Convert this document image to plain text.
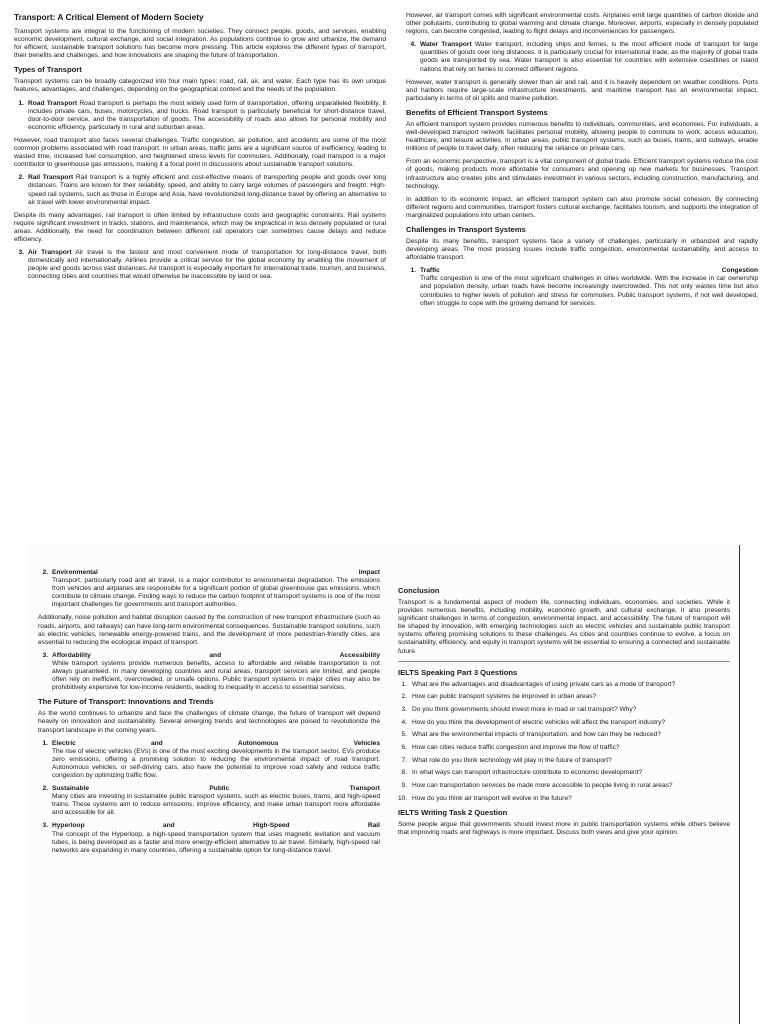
Transport: A Critical Element of Modern Society

Transport systems are integral to the functioning of modern societies. They connect people, goods, and services, enabling economic development, cultural exchange, and social integration. As populations continue to grow and urbanize, the demand for efficient, sustainable transport solutions has become more pressing. This article explores the different types of transport, their benefits and challenges, and how innovations are shaping the future of transportation.

Types of Transport

Transport systems can be broadly categorized into four main types: road, rail, air, and water. Each type has its own unique features, advantages, and challenges, depending on the geographical context and the needs of the population.

1. Road Transport Road transport is perhaps the most widely used form of transportation, offering unparalleled flexibility. It includes private cars, buses, motorcycles, and trucks. Road transport is particularly beneficial for short-distance travel, door-to-door service, and the transportation of goods. The accessibility of roads also allows for personal mobility and economic efficiency, particularly in rural and suburban areas.

However, road transport also faces several challenges. Traffic congestion, air pollution, and accidents are some of the most common problems associated with road transport. In urban areas, traffic jams are a significant source of inefficiency, leading to wasted time, increased fuel consumption, and heightened stress levels for commuters. Additionally, road transport is a major contributor to greenhouse gas emissions, making it a focal point in discussions about sustainable transport solutions.

2. Rail Transport Rail transport is a highly efficient and cost-effective means of transporting people and goods over long distances. Trains are known for their reliability, speed, and ability to carry large volumes of passengers and freight. High-speed rail systems, such as those in Europe and Asia, have revolutionized long-distance travel by offering an alternative to air travel with lower environmental impact.

Despite its many advantages, rail transport is often limited by infrastructure costs and geographic constraints. Rail systems require significant investment in tracks, stations, and maintenance, which may be impractical in less densely populated or rural areas. Additionally, the need for coordination between different rail operators can sometimes cause delays and reduce efficiency.

3. Air Transport Air travel is the fastest and most convenient mode of transportation for long-distance travel, both domestically and internationally. Airlines provide a critical service for the global economy by enabling the movement of people and goods across vast distances. Air transport is especially important for international trade, tourism, and business, connecting cities and countries that would otherwise be inaccessible by land or sea.

However, air transport comes with significant environmental costs. Airplanes emit large quantities of carbon dioxide and other pollutants, contributing to global warming and climate change. Moreover, airports, especially in densely populated regions, can become congested, leading to flight delays and inconveniences for passengers.

4. Water Transport Water transport, including ships and ferries, is the most efficient mode of transport for large quantities of goods over long distances. It is particularly crucial for international trade, as the majority of global trade goods are transported by sea. Water transport is also essential for countries with extensive coastlines or island nations that rely on ferries to connect different regions.

However, water transport is generally slower than air and rail, and it is heavily dependent on weather conditions. Ports and harbors require large-scale infrastructure investments, and maritime transport has an environmental impact, particularly in terms of oil spills and marine pollution.

Benefits of Efficient Transport Systems

An efficient transport system provides numerous benefits to individuals, communities, and economies. For individuals, a well-developed transport network facilitates personal mobility, allowing people to commute to work, access education, healthcare, and leisure activities. In urban areas, public transport systems, such as buses, trams, and subways, enable millions of people to travel daily, often reducing the reliance on private cars.

From an economic perspective, transport is a vital component of global trade. Efficient transport systems reduce the cost of goods, making products more affordable for consumers and opening up new markets for businesses. Transport infrastructure also creates jobs and stimulates investment in various sectors, including construction, manufacturing, and technology.

In addition to its economic impact, an efficient transport system can also promote social cohesion. By connecting different regions and communities, transport fosters cultural exchange, facilitates tourism, and supports the integration of marginalized populations into urban centers.

Challenges in Transport Systems

Despite its many benefits, transport systems face a variety of challenges, particularly in urbanized and rapidly developing areas. The most pressing issues include traffic congestion, environmental sustainability, and access to affordable transport.

1. Traffic	Congestion
Traffic congestion is one of the most significant challenges in cities worldwide. With the increase in car ownership and population density, urban roads have become increasingly overcrowded. This not only wastes time but also contributes to higher levels of pollution and stress for commuters. Public transport systems, if not well developed, often struggle to cope with the growing demand for services.
2. Environmental	Impact
Transport, particularly road and air travel, is a major contributor to environmental degradation. The emissions from vehicles and airplanes are responsible for a significant portion of global greenhouse gas emissions, which contribute to climate change. Finding ways to reduce the carbon footprint of transport systems is one of the most important challenges for governments and transport authorities.

Additionally, noise pollution and habitat disruption caused by the construction of new transport infrastructure (such as roads, airports, and railways) can have long-term environmental consequences. Sustainable transport solutions, such as electric vehicles, renewable energy-powered trains, and the development of more pedestrian-friendly cities, are essential to reducing the ecological impact of transport.

3. Affordability	and	Accessibility
While transport systems provide numerous benefits, access to affordable and reliable transportation is not always guaranteed. In many developing countries and rural areas, transport services are limited, and people often rely on inefficient, overcrowded, or unsafe options. Public transport systems in major cities may also be prohibitively expensive for low-income residents, leading to inequality in access to essential services.
The Future of Transport: Innovations and Trends

As the world continues to urbanize and face the challenges of climate change, the future of transport will depend heavily on innovation and sustainability. Several emerging trends and technologies are poised to revolutionize the transport landscape in the coming years.

1. Electric	and	Autonomous	Vehicles
The rise of electric vehicles (EVs) is one of the most exciting developments in the transport sector. EVs produce zero emissions, offering a promising solution to reducing the environmental impact of road transport. Autonomous vehicles, or self-driving cars, also have the potential to improve road safety and reduce traffic congestion by optimizing traffic flow.
2. Sustainable	Public	Transport
Many cities are investing in sustainable public transport systems, such as electric buses, trams, and high-speed trains. These systems aim to reduce emissions, improve efficiency, and make urban transport more affordable and accessible for all.
3. Hyperloop	and	High-Speed	Rail
The concept of the Hyperloop, a high-speed transportation system that uses magnetic levitation and vacuum tubes, is being developed as a faster and more energy-efficient alternative to air travel. Similarly, high-speed rail networks are expanding in many countries, offering a sustainable option for long-distance travel.
Conclusion

Transport is a fundamental aspect of modern life, connecting individuals, economies, and societies. While it provides numerous benefits, including mobility, economic growth, and cultural exchange, it also presents significant challenges in terms of congestion, environmental impact, and accessibility. The future of transport will be shaped by innovation, with emerging technologies such as electric vehicles and sustainable public transport systems offering promising solutions to these challenges. As cities and countries continue to evolve, a focus on sustainability, efficiency, and equity in transport systems will be essential to ensuring a connected and sustainable future.

IELTS Speaking Part 3 Questions
1. What are the advantages and disadvantages of using private cars as a mode of transport?
2. How can public transport systems be improved in urban areas?
3. Do you think governments should invest more in road or rail transport? Why?
4. How do you think the development of electric vehicles will affect the transport industry?
5. What are the environmental impacts of transportation, and how can they be reduced?
6. How can cities reduce traffic congestion and improve the flow of traffic?
7. What role do you think technology will play in the future of transport?
8. In what ways can transport infrastructure contribute to economic development?
9. How can transportation services be made more accessible to people living in rural areas?
10. How do you think air transport will evolve in the future?
IELTS Writing Task 2 Question

Some people argue that governments should invest more in public transportation systems while others believe that improving roads and highways is more important. Discuss both views and give your opinion.
